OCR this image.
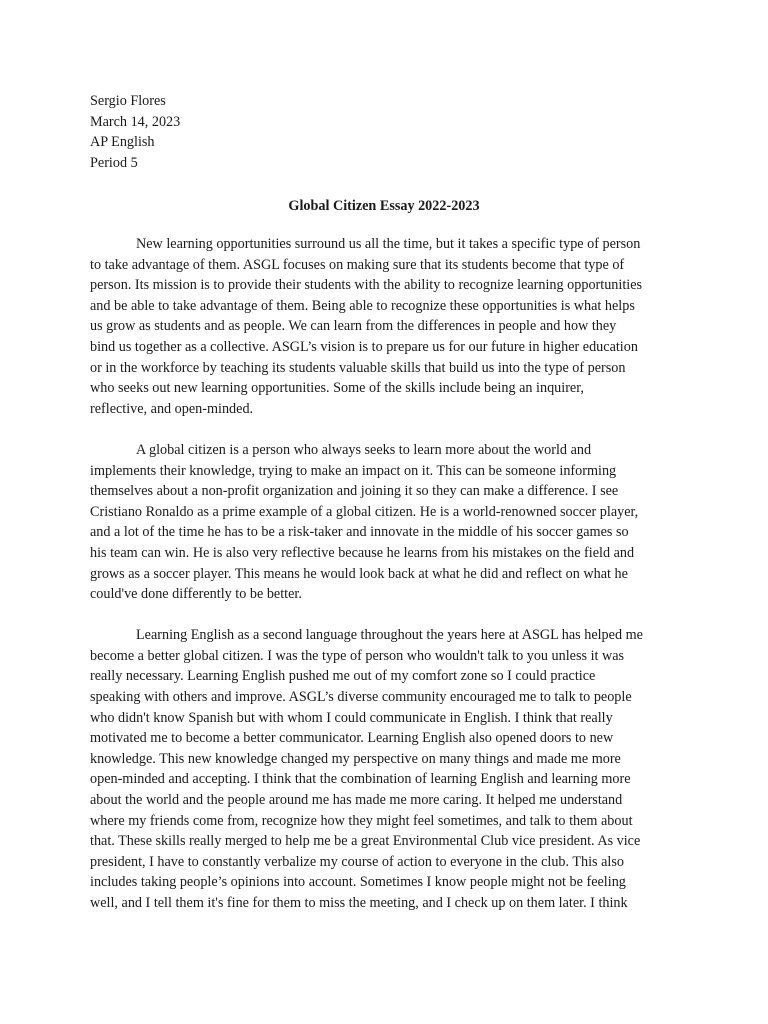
Sergio Flores
March 14, 2023
AP English
Period 5
Global Citizen Essay 2022-2023
New learning opportunities surround us all the time, but it takes a specific type of person
to take advantage of them. ASGL focuses on making sure that its students become that type of
person. Its mission is to provide their students with the ability to recognize learning opportunities
and be able to take advantage of them. Being able to recognize these opportunities is what helps
us grow as students and as people. We can learn from the differences in people and how they
bind us together as a collective. ASGL’s vision is to prepare us for our future in higher education
or in the workforce by teaching its students valuable skills that build us into the type of person
who seeks out new learning opportunities. Some of the skills include being an inquirer,
reflective, and open-minded.
A global citizen is a person who always seeks to learn more about the world and
implements their knowledge, trying to make an impact on it. This can be someone informing
themselves about a non-profit organization and joining it so they can make a difference. I see
Cristiano Ronaldo as a prime example of a global citizen. He is a world-renowned soccer player,
and a lot of the time he has to be a risk-taker and innovate in the middle of his soccer games so
his team can win. He is also very reflective because he learns from his mistakes on the field and
grows as a soccer player. This means he would look back at what he did and reflect on what he
could've done differently to be better.
Learning English as a second language throughout the years here at ASGL has helped me
become a better global citizen. I was the type of person who wouldn't talk to you unless it was
really necessary. Learning English pushed me out of my comfort zone so I could practice
speaking with others and improve. ASGL’s diverse community encouraged me to talk to people
who didn't know Spanish but with whom I could communicate in English. I think that really
motivated me to become a better communicator. Learning English also opened doors to new
knowledge. This new knowledge changed my perspective on many things and made me more
open-minded and accepting. I think that the combination of learning English and learning more
about the world and the people around me has made me more caring. It helped me understand
where my friends come from, recognize how they might feel sometimes, and talk to them about
that. These skills really merged to help me be a great Environmental Club vice president. As vice
president, I have to constantly verbalize my course of action to everyone in the club. This also
includes taking people’s opinions into account. Sometimes I know people might not be feeling
well, and I tell them it's fine for them to miss the meeting, and I check up on them later. I think
